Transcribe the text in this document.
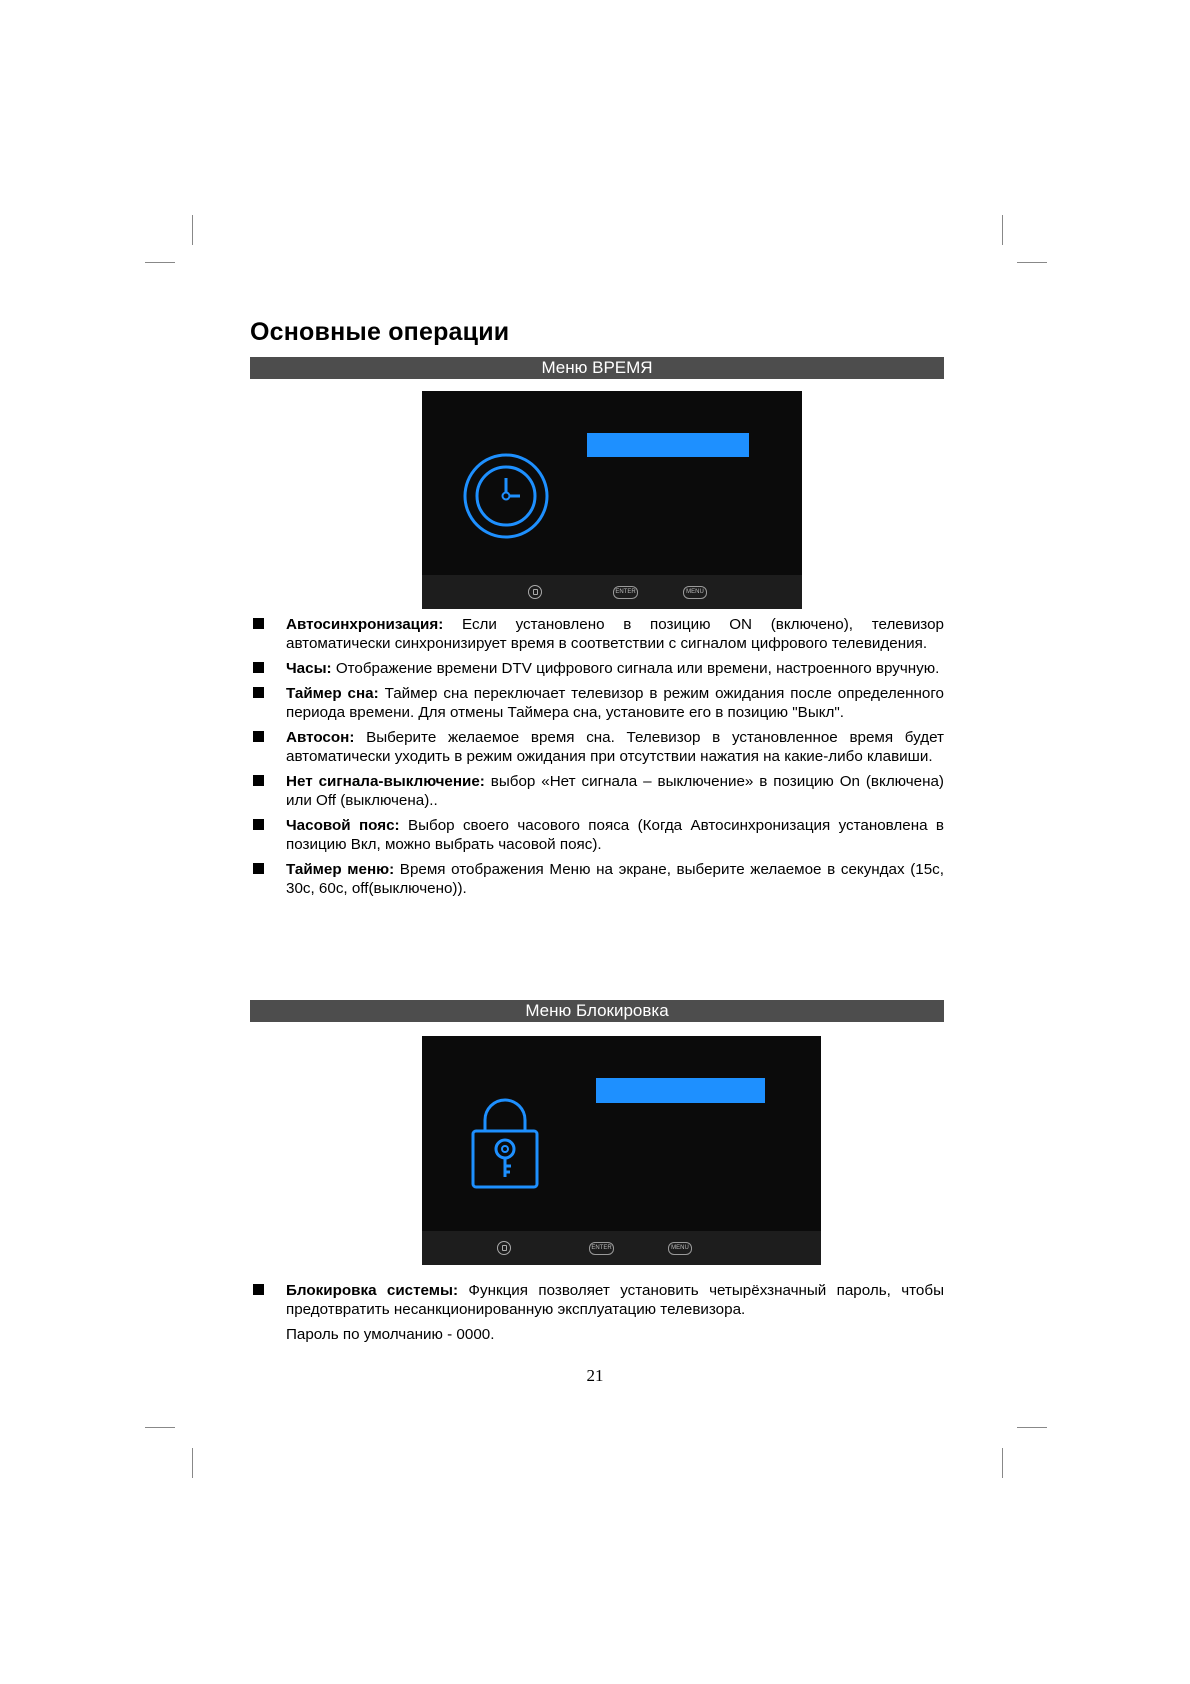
Основные операции
Меню ВРЕМЯ
ENTER	MENU
Автосинхронизация: Если установлено в позицию ON (включено), телевизор автоматически синхронизирует время в соответствии с сигналом цифрового телевидения.
Часы: Отображение времени DTV цифрового сигнала или времени, настроенного вручную.
Таймер сна: Таймер сна переключает телевизор в режим ожидания после определенного периода времени. Для отмены Таймера сна, установите его в позицию "Выкл".
Автосон: Выберите желаемое время сна. Телевизор в установленное время будет автоматически уходить в режим ожидания при отсутствии нажатия на какие-либо клавиши.
Нет сигнала-выключение: выбор «Нет сигнала – выключение» в позицию On (включена) или Off (выключена)..
Часовой пояс: Выбор своего часового пояса (Когда Автосинхронизация установлена в позицию Вкл, можно выбрать часовой пояс).
Таймер меню: Время отображения Меню на экране, выберите желаемое в секундах (15с, 30с, 60с, off(выключено)).
Меню Блокировка
ENTER	MENU
Блокировка системы: Функция позволяет установить четырёхзначный пароль, чтобы предотвратить несанкционированную эксплуатацию телевизора.
Пароль по умолчанию - 0000.
21
